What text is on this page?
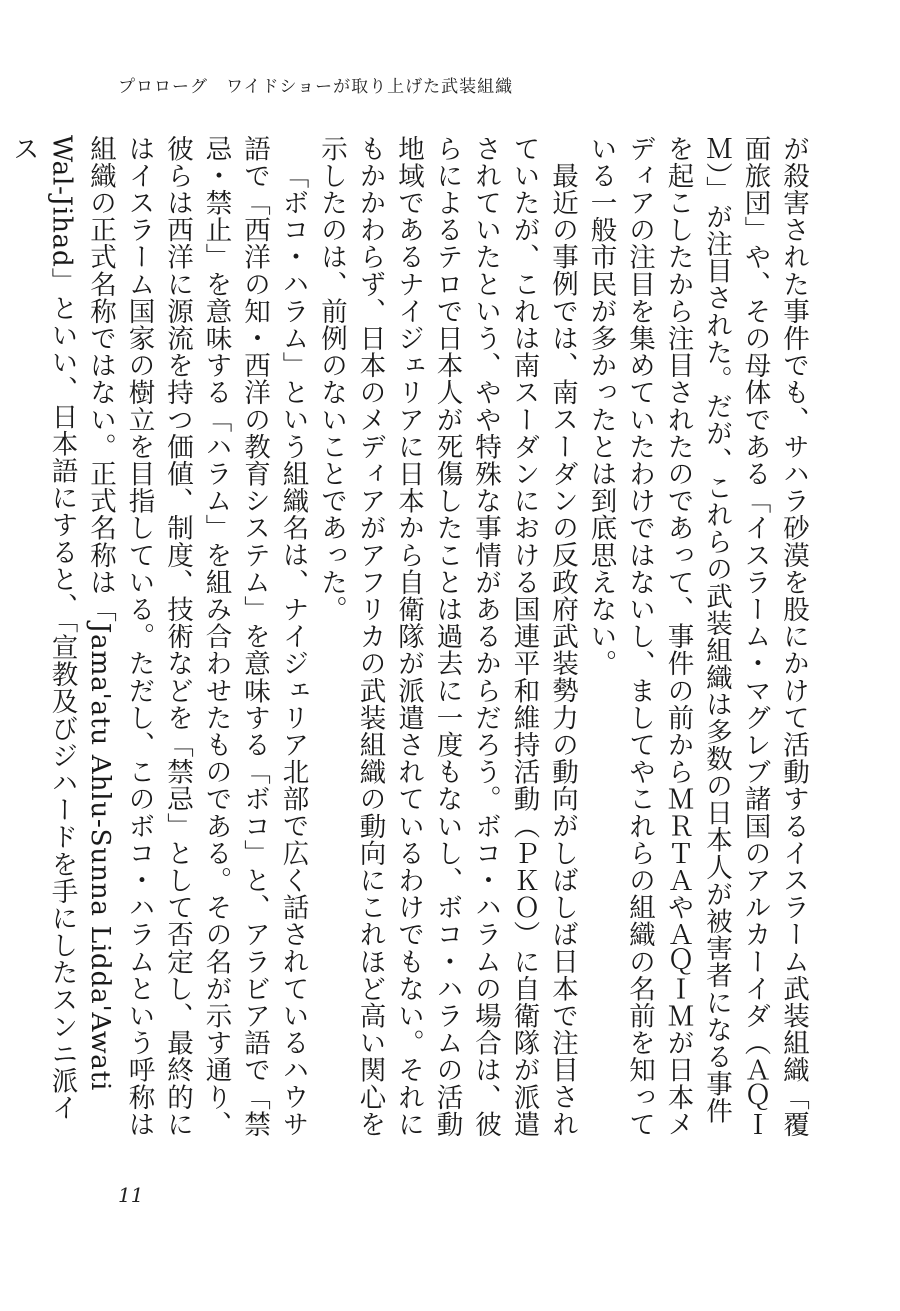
プロローグ　ワイドショーが取り上げた武装組織

が殺害された事件でも、サハラ砂漠を股にかけて活動するイスラーム武装組織「覆面旅団」や、その母体である「イスラーム・マグレブ諸国のアルカーイダ（ＡＱＩＭ）」が注目された。だが、これらの武装組織は多数の日本人が被害者になる事件を起こしたから注目されたのであって、事件の前からＭＲＴＡやＡＱＩＭが日本メディアの注目を集めていたわけではないし、ましてやこれらの組織の名前を知っている一般市民が多かったとは到底思えない。

最近の事例では、南スーダンの反政府武装勢力の動向がしばしば日本で注目されていたが、これは南スーダンにおける国連平和維持活動（ＰＫＯ）に自衛隊が派遣されていたという、やや特殊な事情があるからだろう。ボコ・ハラムの場合は、彼らによるテロで日本人が死傷したことは過去に一度もないし、ボコ・ハラムの活動地域であるナイジェリアに日本から自衛隊が派遣されているわけでもない。それにもかかわらず、日本のメディアがアフリカの武装組織の動向にこれほど高い関心を示したのは、前例のないことであった。

「ボコ・ハラム」という組織名は、ナイジェリア北部で広く話されているハウサ語で「西洋の知・西洋の教育システム」を意味する「ボコ」と、アラビア語で「禁忌・禁止」を意味する「ハラム」を組み合わせたものである。その名が示す通り、彼らは西洋に源流を持つ価値、制度、技術などを「禁忌」として否定し、最終的にはイスラーム国家の樹立を目指している。ただし、このボコ・ハラムという呼称は組織の正式名称ではない。正式名称は「Jama'atu Ahlu-Sunna Lidda'Awati Wal-Jihad」といい、日本語にすると、「宣教及びジハードを手にしたスンニ派イス

11
